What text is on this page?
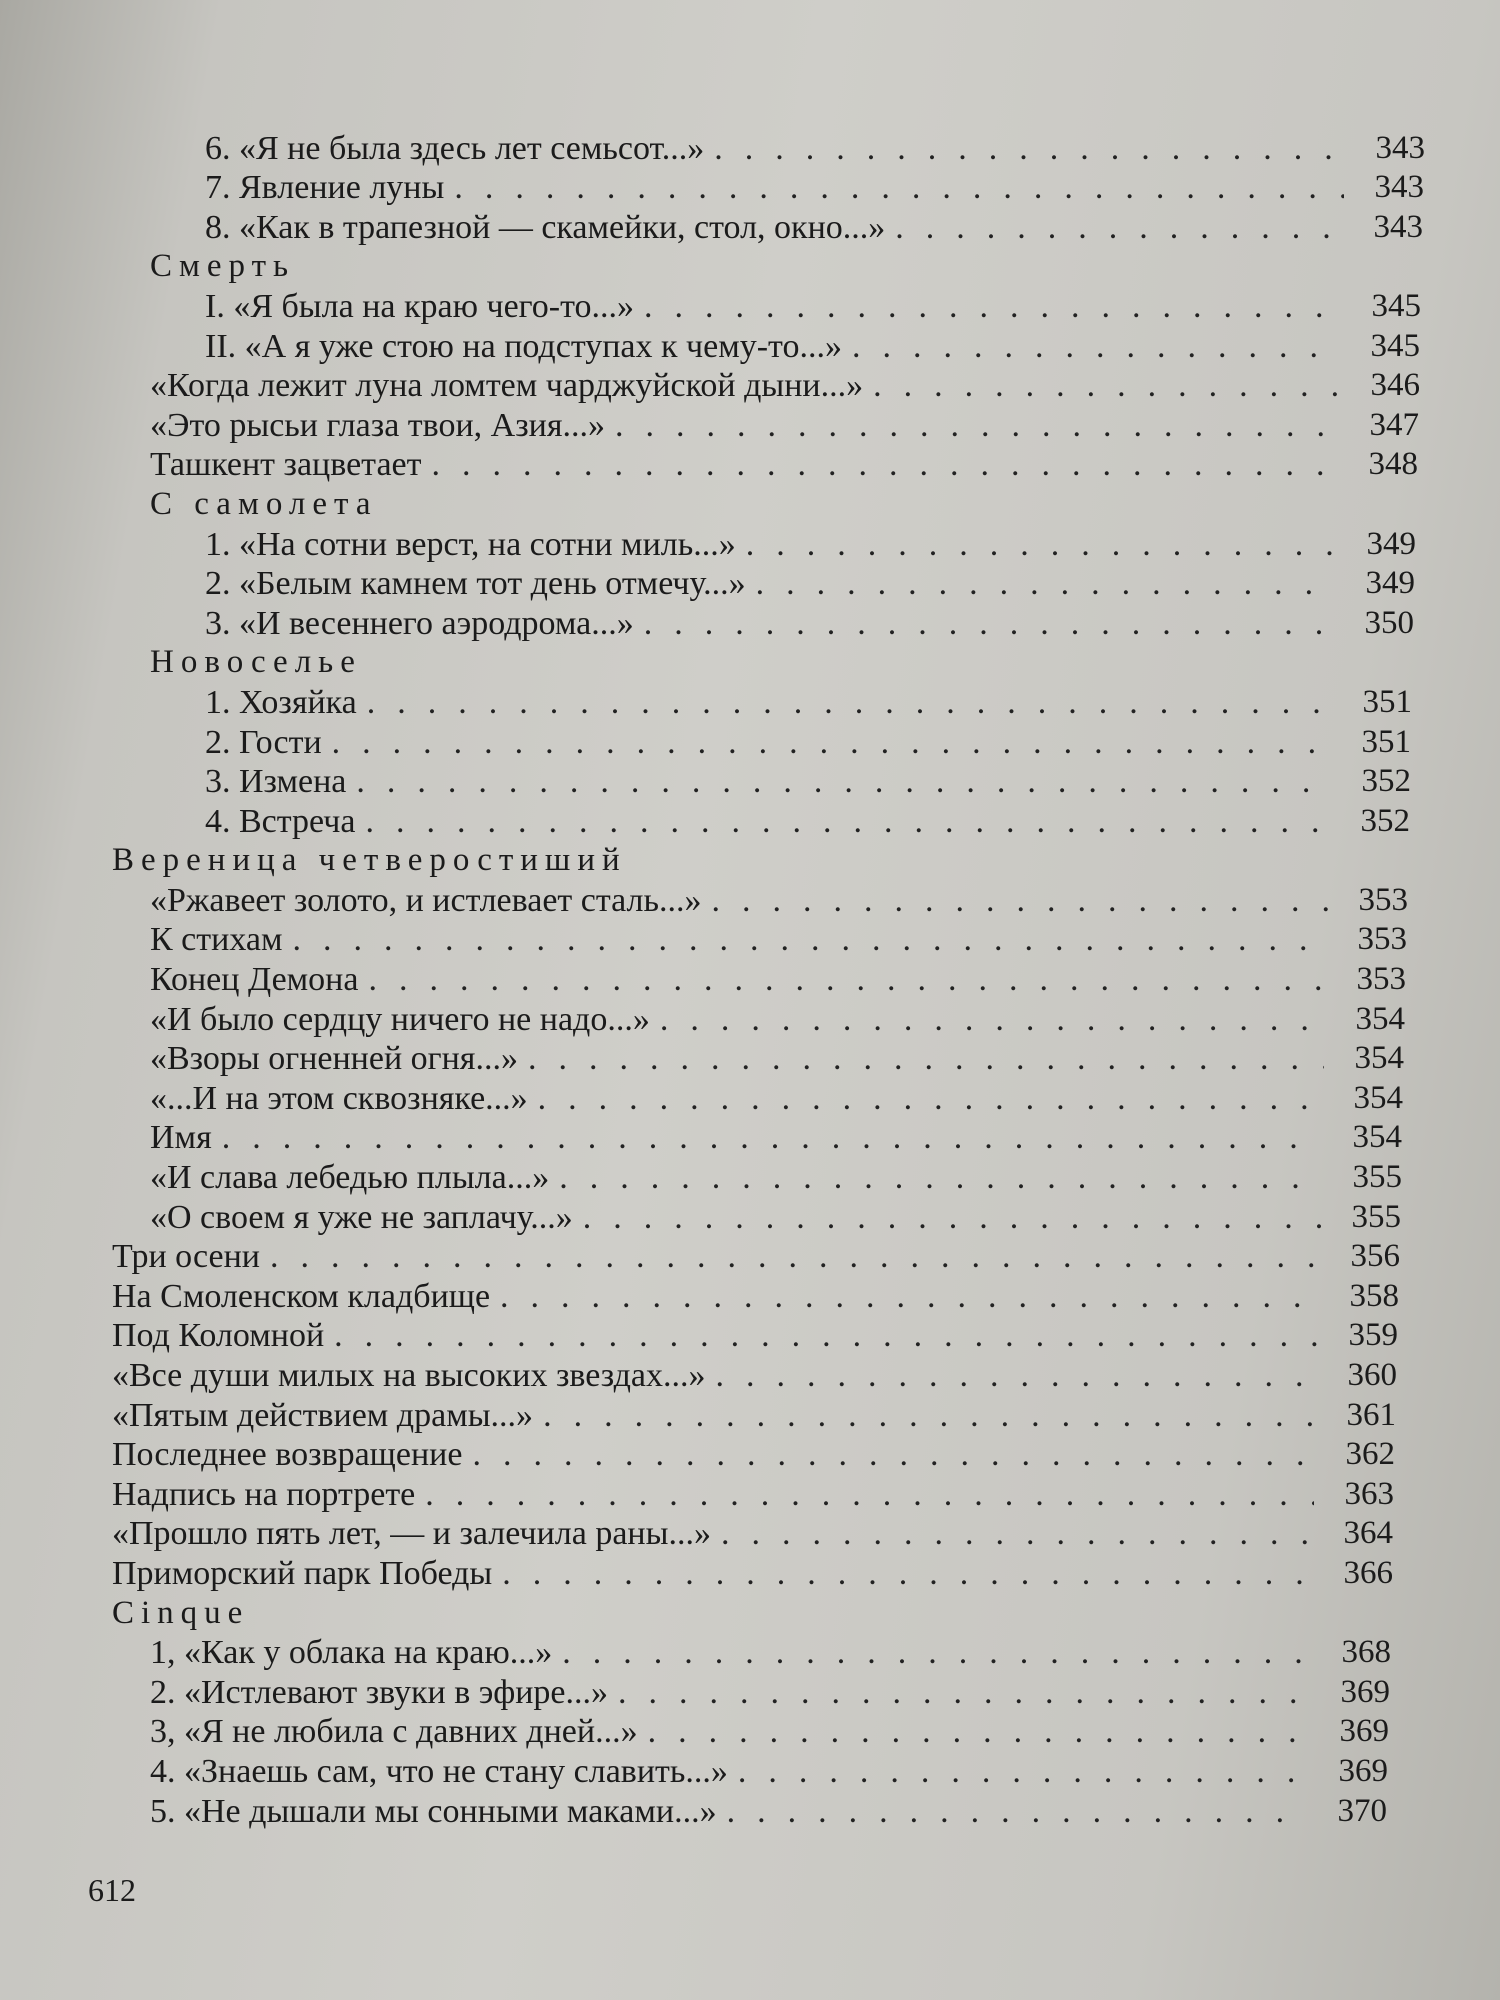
6. «Я не была здесь лет семьсот...» .....	343
7. Явление луны .....	343
8. «Как в трапезной — скамейки, стол, окно...» .....	343
Смерть
I. «Я была на краю чего-то...» .....	345
II. «А я уже стою на подступах к чему-то...» .....	345
«Когда лежит луна ломтем чарджуйской дыни...» .....	346
«Это рысьи глаза твои, Азия...» .....	347
Ташкент зацветает .....	348
С самолета
1. «На сотни верст, на сотни миль...» .....	349
2. «Белым камнем тот день отмечу...» .....	349
3. «И весеннего аэродрома...» .....	350
Новоселье
1. Хозяйка .....	351
2. Гости .....	351
3. Измена .....	352
4. Встреча .....	352
Вереница четверостиший
«Ржавеет золото, и истлевает сталь...» .....	353
К стихам .....	353
Конец Демона .....	353
«И было сердцу ничего не надо...» .....	354
«Взоры огненней огня...» .....	354
«...И на этом сквозняке...» .....	354
Имя .....	354
«И слава лебедью плыла...» .....	355
«О своем я уже не заплачу...» .....	355
Три осени .....	356
На Смоленском кладбище .....	358
Под Коломной .....	359
«Все души милых на высоких звездах...» .....	360
«Пятым действием драмы...» .....	361
Последнее возвращение .....	362
Надпись на портрете .....	363
«Прошло пять лет, — и залечила раны...» .....	364
Приморский парк Победы .....	366
Cinque
1, «Как у облака на краю...» .....	368
2. «Истлевают звуки в эфире...» .....	369
3, «Я не любила с давних дней...» .....	369
4. «Знаешь сам, что не стану славить...» .....	369
5. «Не дышали мы сонными маками...» .....	370
612
